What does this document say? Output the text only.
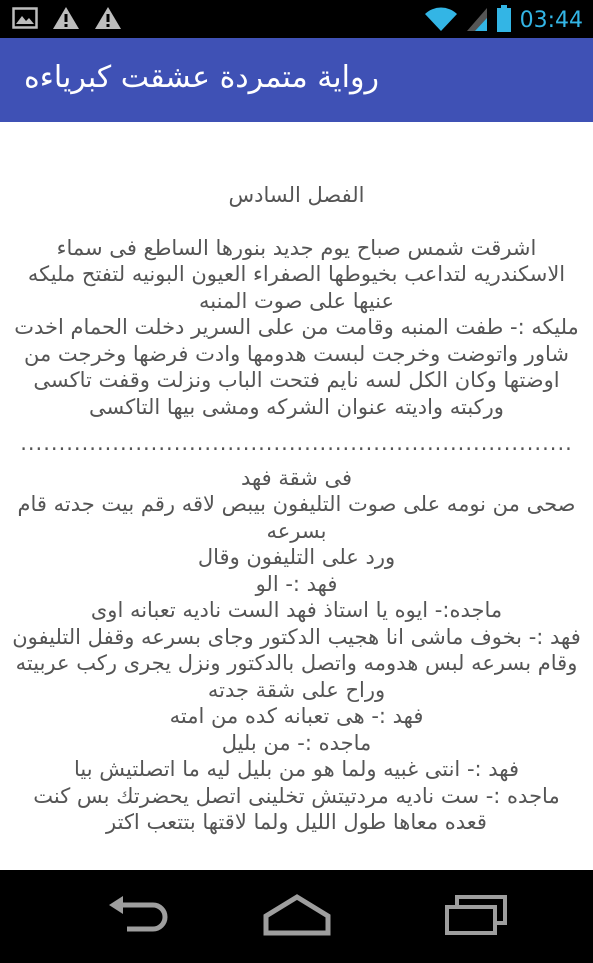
03:44
رواية متمردة عشقت كبرياءه

الفصل السادس

اشرقت شمس صباح يوم جديد بنورها الساطع فى سماء الاسكندريه لتداعب بخيوطها الصفراء العيون البونيه لتفتح مليكه عنيها على صوت المنبه

مليكه :- طفت المنبه وقامت من على السرير دخلت الحمام اخدت شاور واتوضت وخرجت لبست هدومها وادت فرضها وخرجت من اوضتها وكان الكل لسه نايم فتحت الباب ونزلت وقفت تاكسى وركبته واديته عنوان الشركه ومشى بيها التاكسى

........................................................................

فى شقة فهد

صحى من نومه على صوت التليفون بيبص لاقه رقم بيت جدته قام بسرعه

ورد على التليفون وقال

فهد :- الو

ماجده:- ايوه يا استاذ فهد الست ناديه تعبانه اوى

فهد :- بخوف ماشى انا هجيب الدكتور وجاى بسرعه وقفل التليفون وقام بسرعه لبس هدومه واتصل بالدكتور ونزل يجرى ركب عربيته وراح على شقة جدته

فهد :- هى تعبانه كده من امته

ماجده :- من بليل

فهد :- انتى غبيه ولما هو من بليل ليه ما اتصلتيش بيا

ماجده :- ست ناديه مردتيتش تخلينى اتصل يحضرتك بس كنت قعده معاها طول الليل ولما لاقتها بتتعب اكتر
